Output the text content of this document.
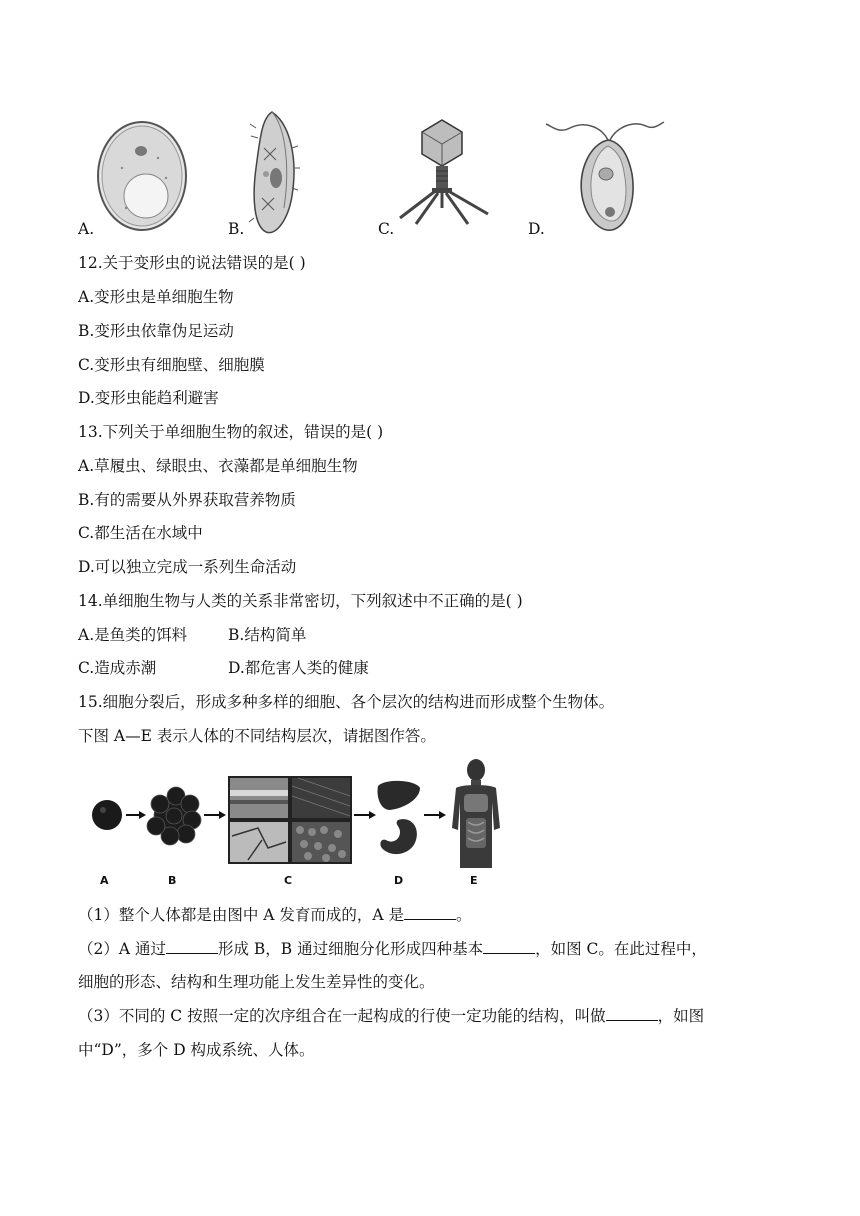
A.	B.	C.	D.
12.关于变形虫的说法错误的是( )
A.变形虫是单细胞生物
B.变形虫依靠伪足运动
C.变形虫有细胞壁、细胞膜
D.变形虫能趋利避害
13.下列关于单细胞生物的叙述，错误的是( )
A.草履虫、绿眼虫、衣藻都是单细胞生物
B.有的需要从外界获取营养物质
C.都生活在水域中
D.可以独立完成一系列生命活动
14.单细胞生物与人类的关系非常密切，下列叙述中不正确的是( )
A.是鱼类的饵料	B.结构简单
C.造成赤潮	D.都危害人类的健康
15.细胞分裂后，形成多种多样的细胞、各个层次的结构进而形成整个生物体。
下图 A—E 表示人体的不同结构层次，请据图作答。
A	B	C	D	E
（1）整个人体都是由图中 A 发育而成的，A 是	。
（2）A 通过	形成 B，B 通过细胞分化形成四种基本	，如图 C。在此过程中，
细胞的形态、结构和生理功能上发生差异性的变化。
（3）不同的 C 按照一定的次序组合在一起构成的行使一定功能的结构，叫做	，如图
中“D”，多个 D 构成系统、人体。
